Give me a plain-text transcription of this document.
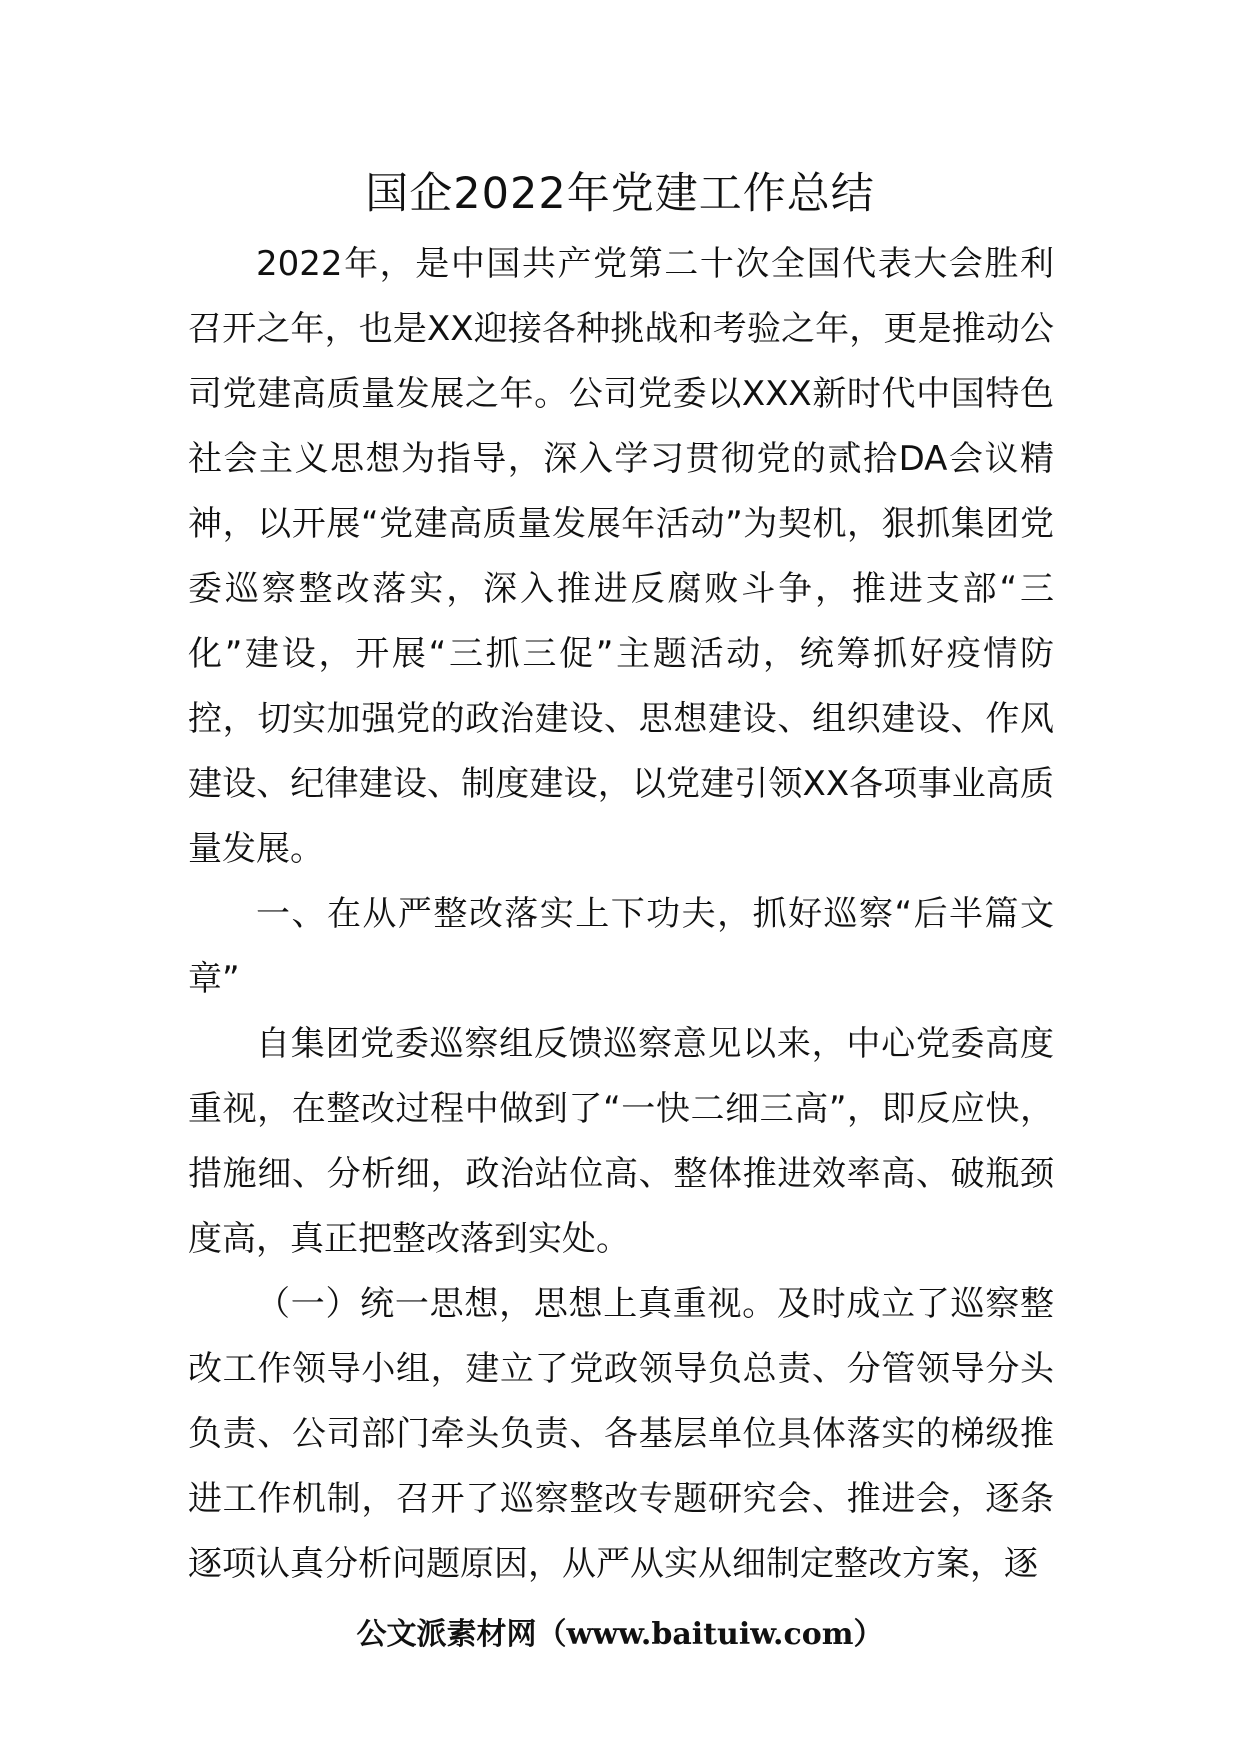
国企2022年党建工作总结

2022年，是中国共产党第二十次全国代表大会胜利召开之年，也是XX迎接各种挑战和考验之年，更是推动公司党建高质量发展之年。公司党委以XXX新时代中国特色社会主义思想为指导，深入学习贯彻党的贰拾DA会议精神，以开展“党建高质量发展年活动”为契机，狠抓集团党委巡察整改落实，深入推进反腐败斗争，推进支部“三化”建设，开展“三抓三促”主题活动，统筹抓好疫情防控，切实加强党的政治建设、思想建设、组织建设、作风建设、纪律建设、制度建设，以党建引领XX各项事业高质量发展。

一、在从严整改落实上下功夫，抓好巡察“后半篇文章”

自集团党委巡察组反馈巡察意见以来，中心党委高度重视，在整改过程中做到了“一快二细三高”，即反应快，措施细、分析细，政治站位高、整体推进效率高、破瓶颈度高，真正把整改落到实处。

（一）统一思想，思想上真重视。及时成立了巡察整改工作领导小组，建立了党政领导负总责、分管领导分头负责、公司部门牵头负责、各基层单位具体落实的梯级推进工作机制，召开了巡察整改专题研究会、推进会，逐条逐项认真分析问题原因，从严从实从细制定整改方案，逐

公文派素材网（www.baituiw.com）
